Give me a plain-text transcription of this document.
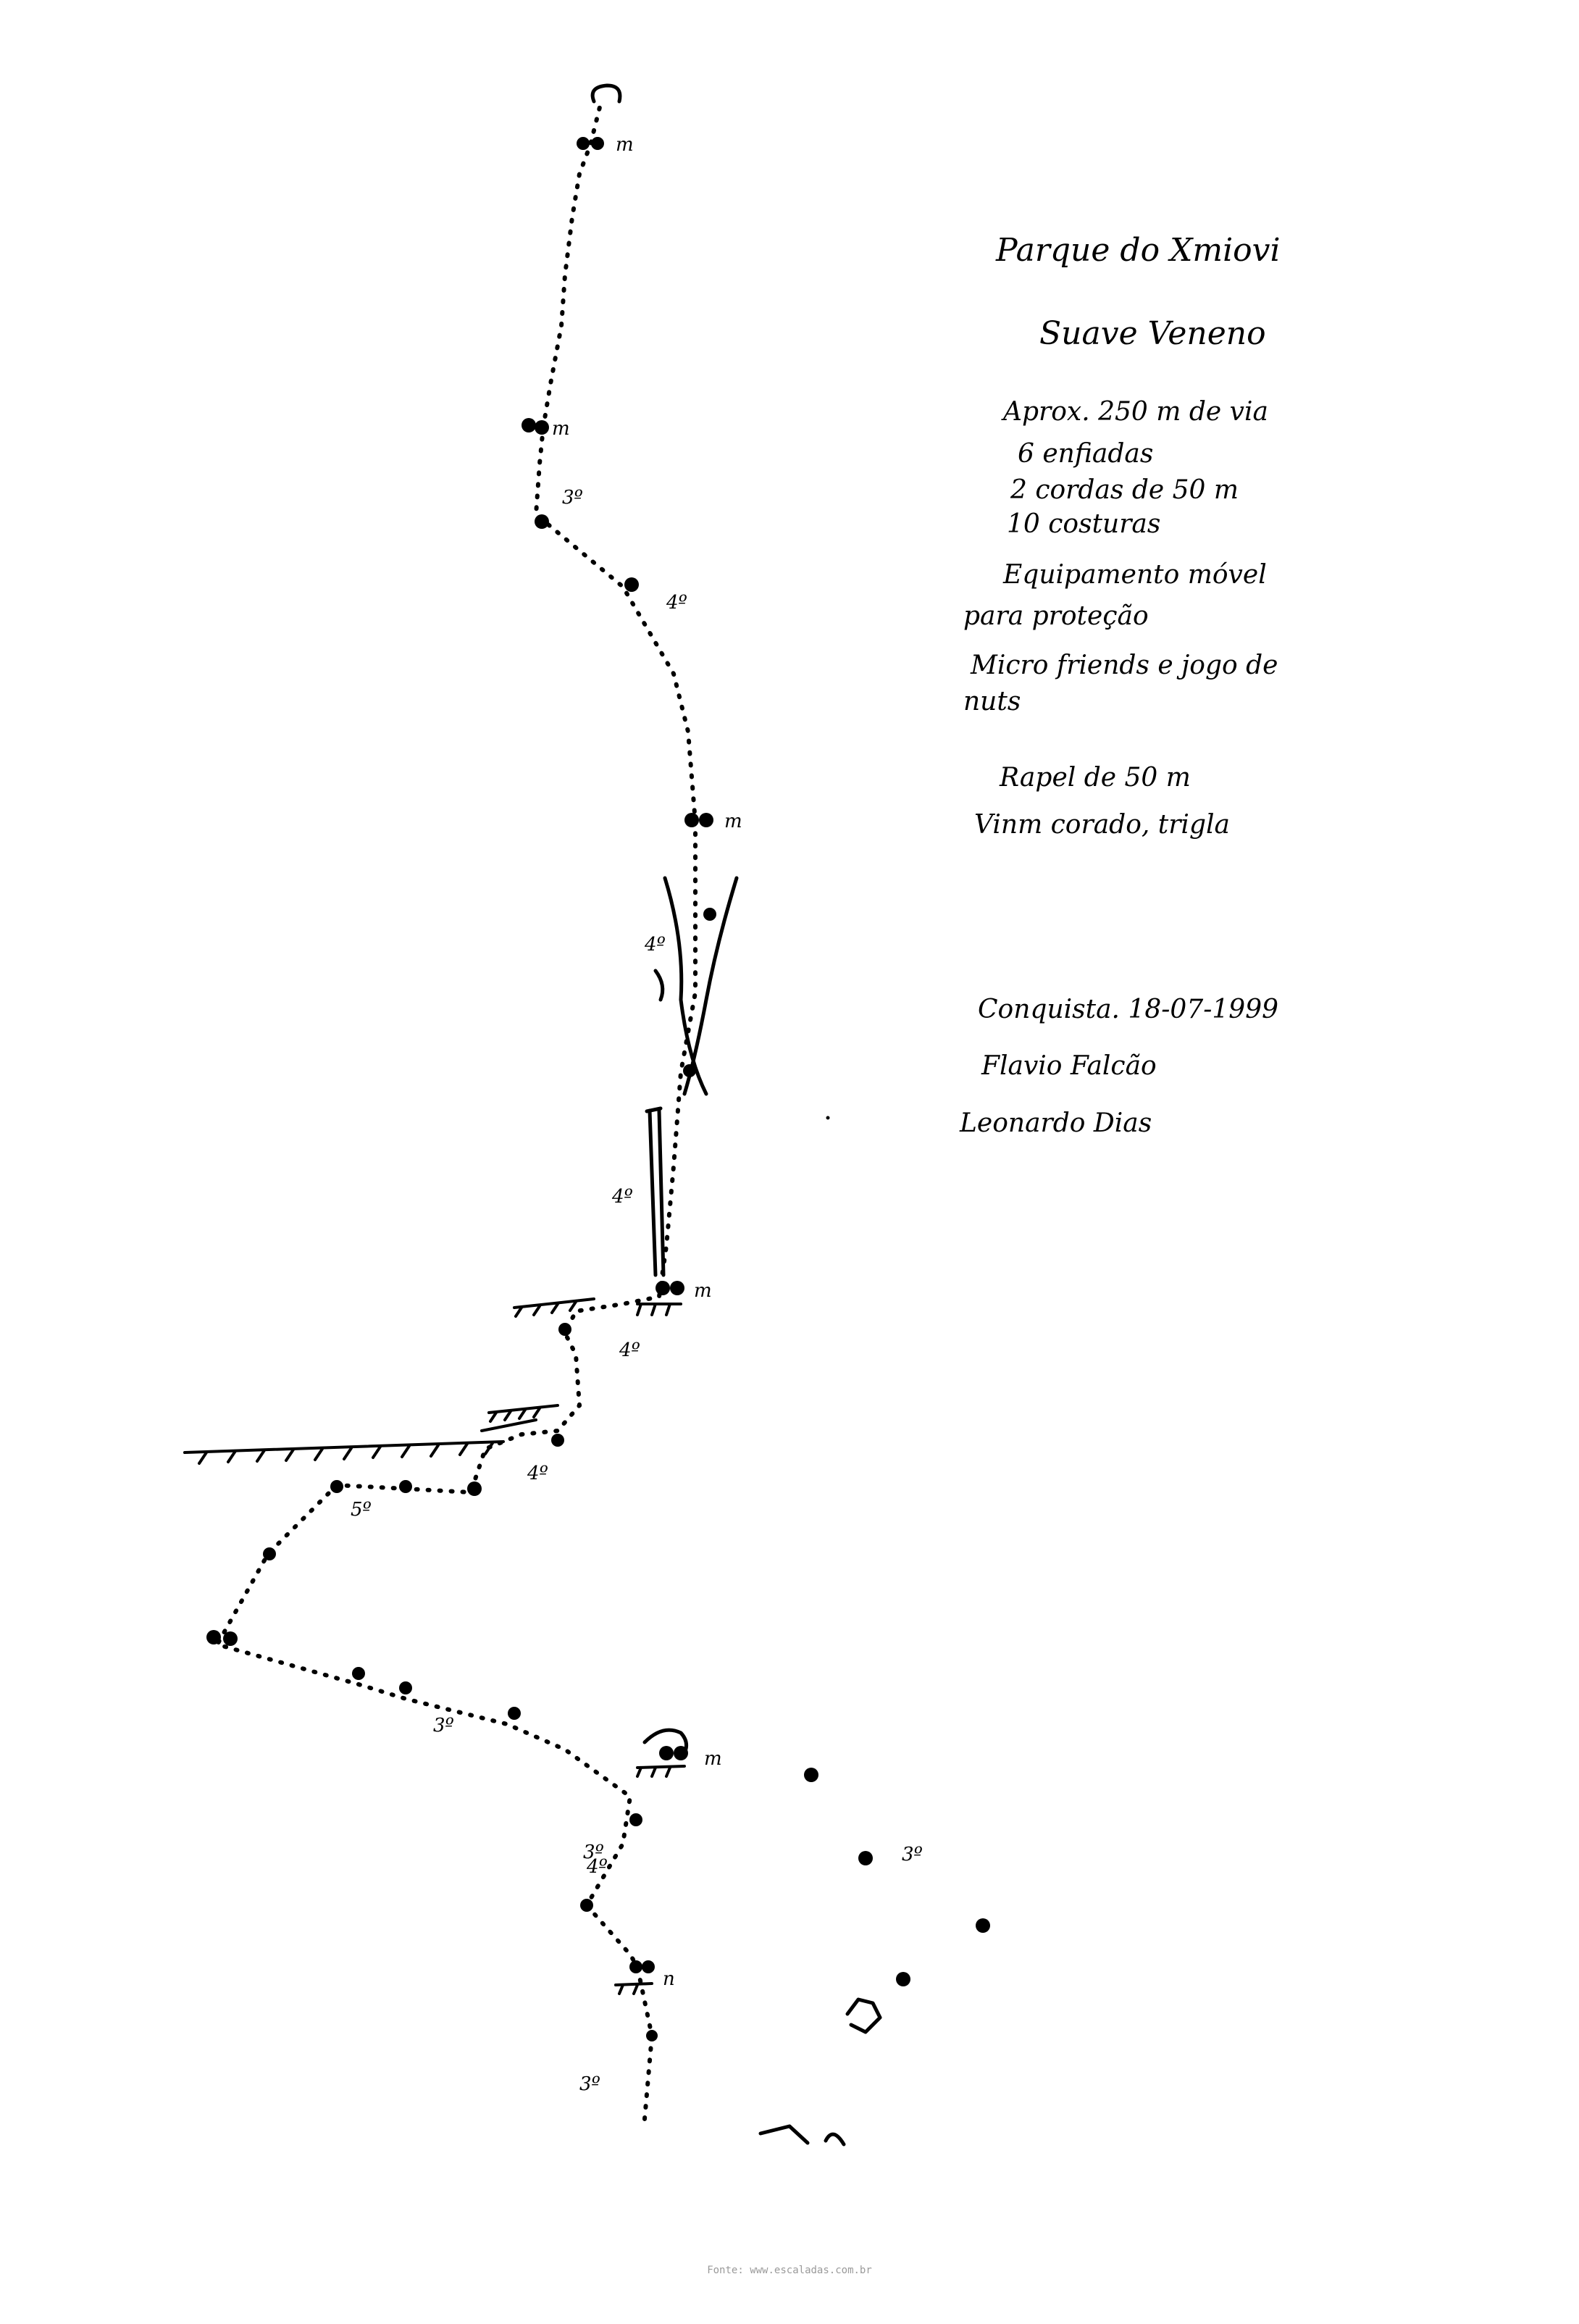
3º
3º
3º
4º
3º
5º
4º
4º
4º
4º
4º
3º
m
m
m
m
m
n
Parque do Xmiovi
Suave Veneno
Aprox. 250 m de via
6 enfiadas
2 cordas de 50 m
10 costuras
Equipamento móvel
para proteção
Micro friends e jogo de
nuts
Rapel de 50 m
Vinm corado, trigla
Conquista. 18-07-1999
Flavio Falcão
Leonardo Dias
Fonte: www.escaladas.com.br
